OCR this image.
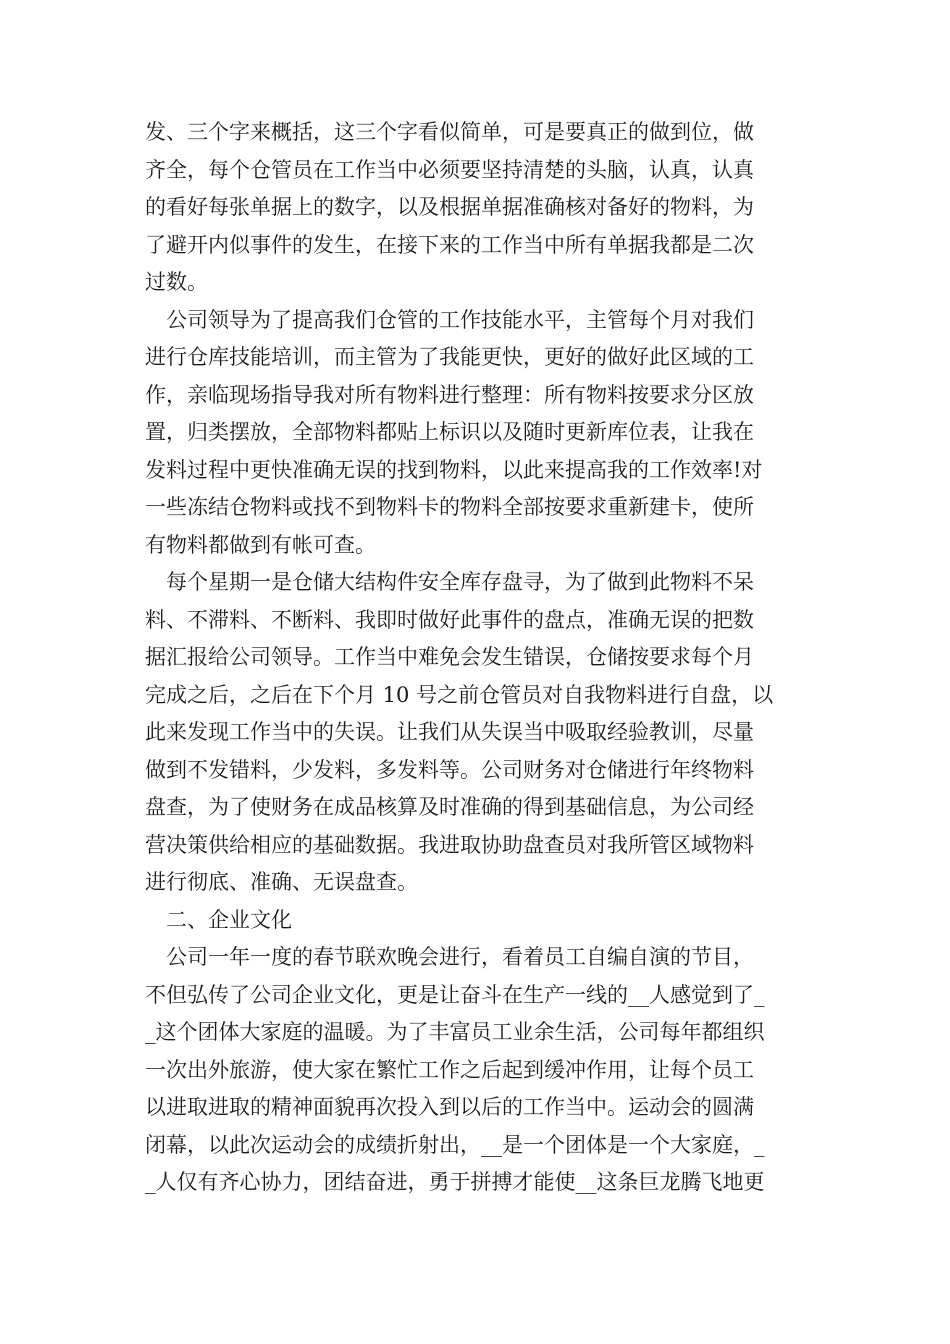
发、三个字来概括，这三个字看似简单，可是要真正的做到位，做
齐全，每个仓管员在工作当中必须要坚持清楚的头脑，认真，认真
的看好每张单据上的数字，以及根据单据准确核对备好的物料，为
了避开内似事件的发生，在接下来的工作当中所有单据我都是二次
过数。
公司领导为了提高我们仓管的工作技能水平，主管每个月对我们
进行仓库技能培训，而主管为了我能更快，更好的做好此区域的工
作，亲临现场指导我对所有物料进行整理：所有物料按要求分区放
置，归类摆放，全部物料都贴上标识以及随时更新库位表，让我在
发料过程中更快准确无误的找到物料，以此来提高我的工作效率!对
一些冻结仓物料或找不到物料卡的物料全部按要求重新建卡，使所
有物料都做到有帐可查。
每个星期一是仓储大结构件安全库存盘寻，为了做到此物料不呆
料、不滞料、不断料、我即时做好此事件的盘点，准确无误的把数
据汇报给公司领导。工作当中难免会发生错误，仓储按要求每个月
完成之后，之后在下个月 10 号之前仓管员对自我物料进行自盘，以
此来发现工作当中的失误。让我们从失误当中吸取经验教训，尽量
做到不发错料，少发料，多发料等。公司财务对仓储进行年终物料
盘查，为了使财务在成品核算及时准确的得到基础信息，为公司经
营决策供给相应的基础数据。我进取协助盘查员对我所管区域物料
进行彻底、准确、无误盘查。
二、企业文化
公司一年一度的春节联欢晚会进行，看着员工自编自演的节目，
不但弘传了公司企业文化，更是让奋斗在生产一线的__人感觉到了_
_这个团体大家庭的温暖。为了丰富员工业余生活，公司每年都组织
一次出外旅游，使大家在繁忙工作之后起到缓冲作用，让每个员工
以进取进取的精神面貌再次投入到以后的工作当中。运动会的圆满
闭幕，以此次运动会的成绩折射出，__是一个团体是一个大家庭，_
_人仅有齐心协力，团结奋进，勇于拼搏才能使__这条巨龙腾飞地更
